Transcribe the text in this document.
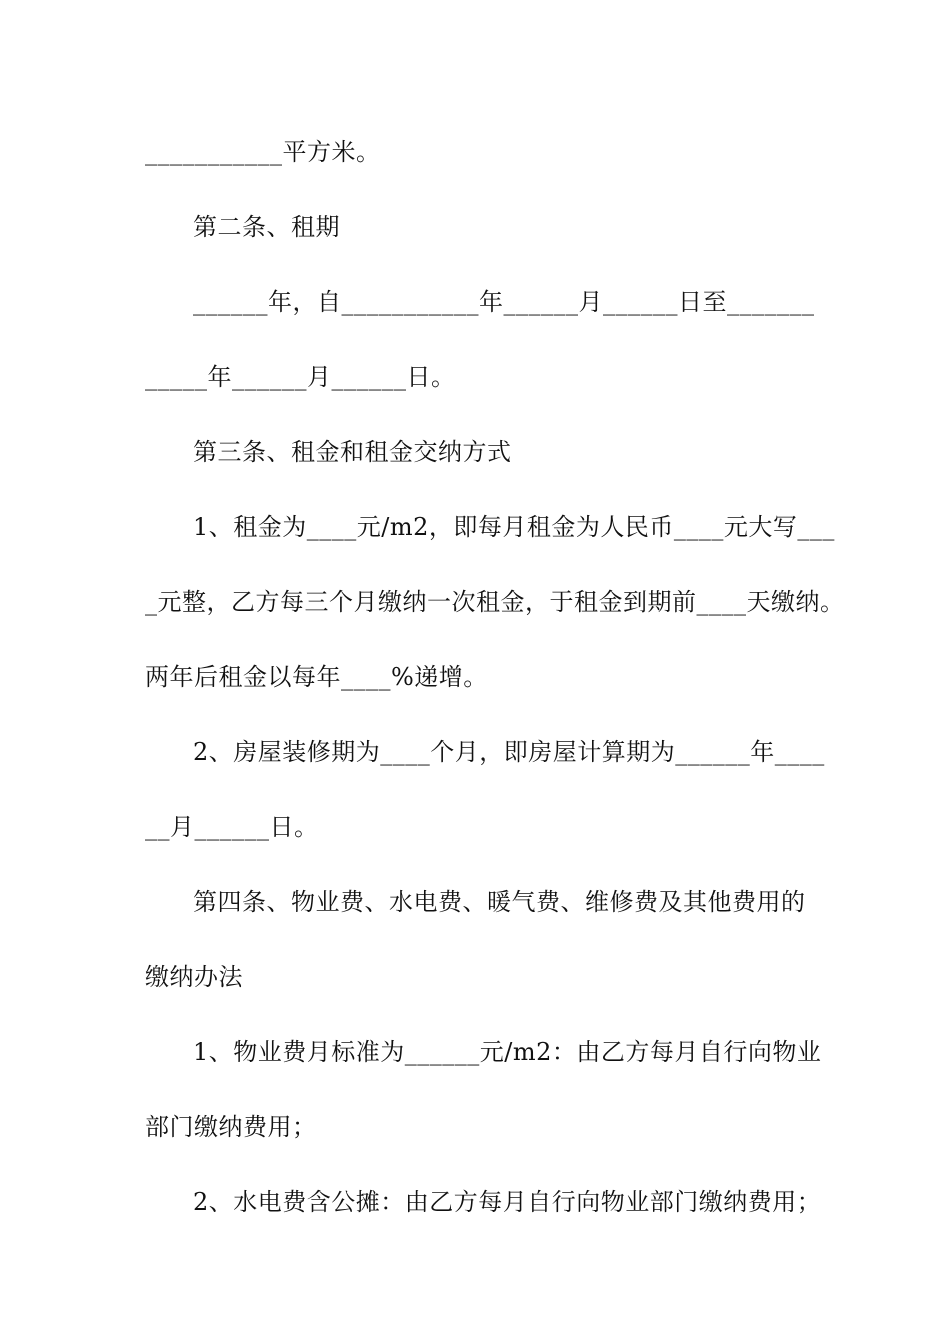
___________平方米。
第二条、租期
______年，自___________年______月______日至_______
_____年______月______日。
第三条、租金和租金交纳方式
1、租金为____元/m2，即每月租金为人民币____元大写___
_元整，乙方每三个月缴纳一次租金，于租金到期前____天缴纳。
两年后租金以每年____%递增。
2、房屋装修期为____个月，即房屋计算期为______年____
__月______日。
第四条、物业费、水电费、暖气费、维修费及其他费用的
缴纳办法
1、物业费月标准为______元/m2：由乙方每月自行向物业
部门缴纳费用；
2、水电费含公摊：由乙方每月自行向物业部门缴纳费用；
